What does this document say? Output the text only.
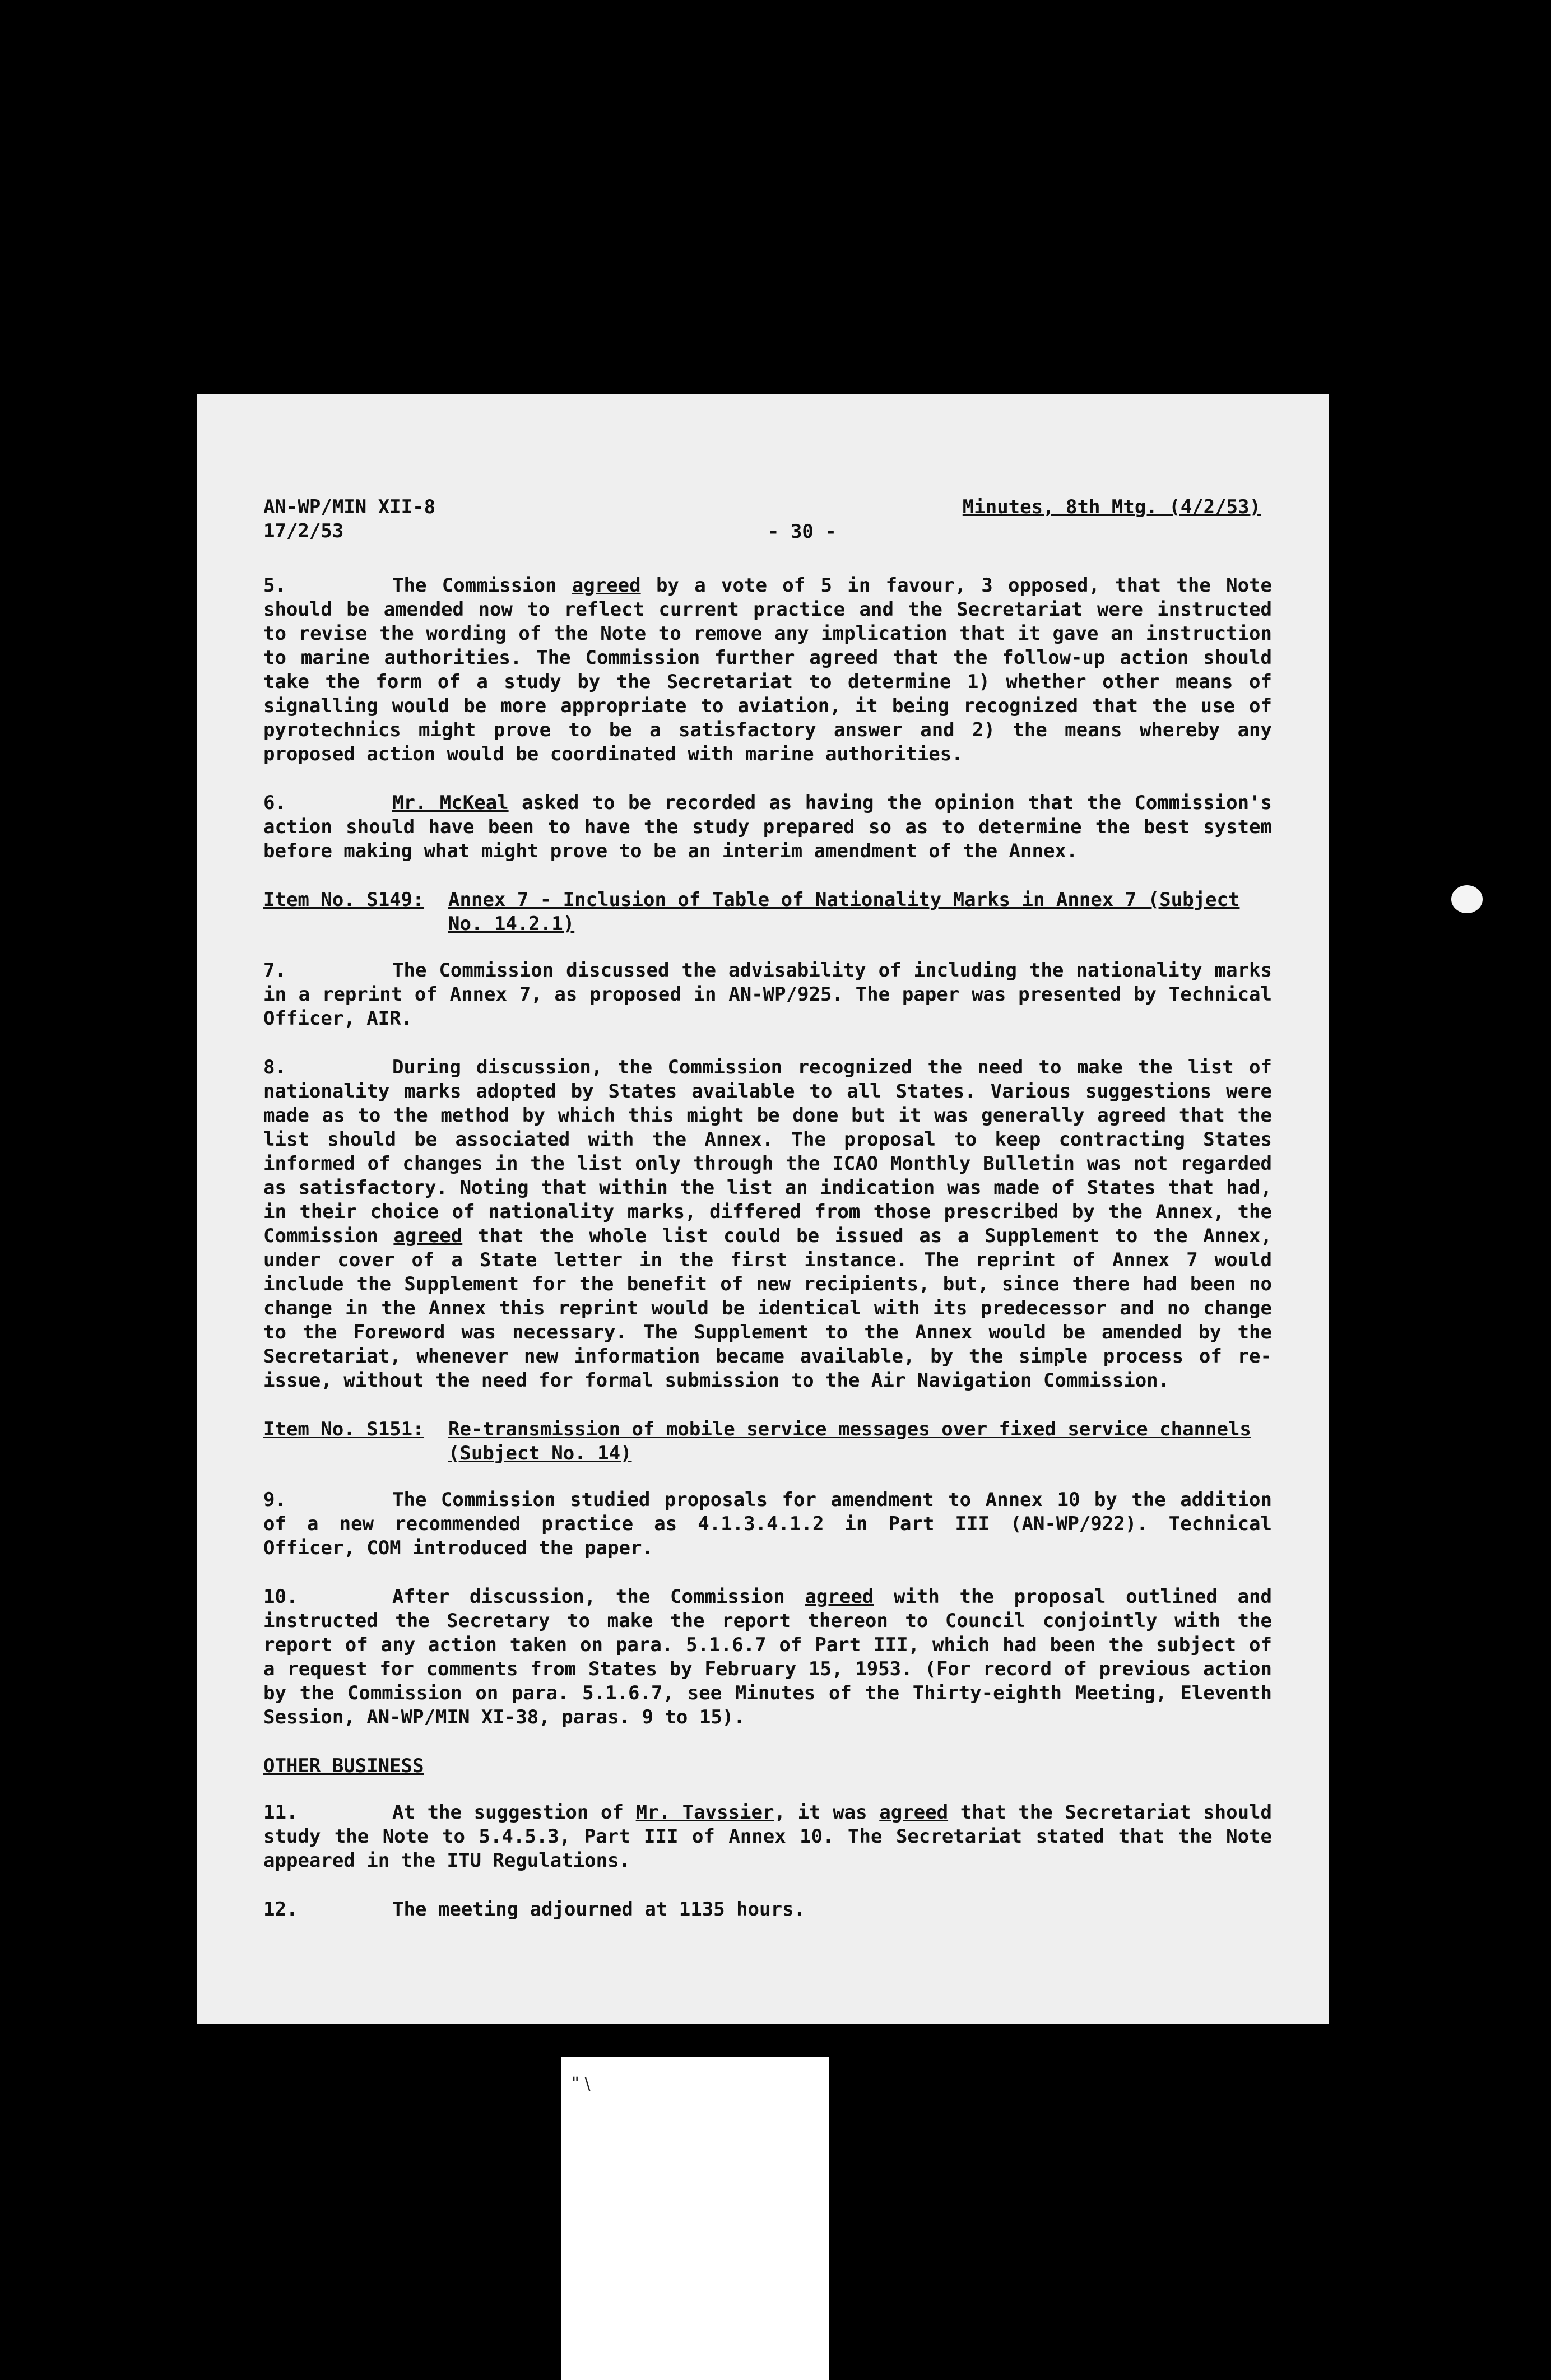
AN-WP/MIN XII-8
17/2/53	- 30 -
Minutes, 8th Mtg. (4/2/53)

5.	The Commission agreed by a vote of 5 in favour, 3 opposed, that the Note should be amended now to reflect current practice and the Secretariat were instructed to revise the wording of the Note to remove any implication that it gave an instruction to marine authorities. The Commission further agreed that the follow-up action should take the form of a study by the Secretariat to determine 1) whether other means of signalling would be more appropriate to aviation, it being recognized that the use of pyrotechnics might prove to be a satisfactory answer and 2) the means whereby any proposed action would be coordinated with marine authorities.

6.	Mr. McKeal asked to be recorded as having the opinion that the Commission's action should have been to have the study prepared so as to determine the best system before making what might prove to be an interim amendment of the Annex.

Item No. S149:	Annex 7 - Inclusion of Table of Nationality Marks in Annex 7 (Subject No. 14.2.1)

7.	The Commission discussed the advisability of including the nationality marks in a reprint of Annex 7, as proposed in AN-WP/925. The paper was presented by Technical Officer, AIR.

8.	During discussion, the Commission recognized the need to make the list of nationality marks adopted by States available to all States. Various suggestions were made as to the method by which this might be done but it was generally agreed that the list should be associated with the Annex. The proposal to keep contracting States informed of changes in the list only through the ICAO Monthly Bulletin was not regarded as satisfactory. Noting that within the list an indication was made of States that had, in their choice of nationality marks, differed from those prescribed by the Annex, the Commission agreed that the whole list could be issued as a Supplement to the Annex, under cover of a State letter in the first instance. The reprint of Annex 7 would include the Supplement for the benefit of new recipients, but, since there had been no change in the Annex this reprint would be identical with its predecessor and no change to the Foreword was necessary. The Supplement to the Annex would be amended by the Secretariat, whenever new information became available, by the simple process of re-issue, without the need for formal submission to the Air Navigation Commission.

Item No. S151:	Re-transmission of mobile service messages over fixed service channels (Subject No. 14)

9.	The Commission studied proposals for amendment to Annex 10 by the addition of a new recommended practice as 4.1.3.4.1.2 in Part III (AN-WP/922). Technical Officer, COM introduced the paper.

10.	After discussion, the Commission agreed with the proposal outlined and instructed the Secretary to make the report thereon to Council conjointly with the report of any action taken on para. 5.1.6.7 of Part III, which had been the subject of a request for comments from States by February 15, 1953. (For record of previous action by the Commission on para. 5.1.6.7, see Minutes of the Thirty-eighth Meeting, Eleventh Session, AN-WP/MIN XI-38, paras. 9 to 15).

OTHER BUSINESS

11.	At the suggestion of Mr. Tavssier, it was agreed that the Secretariat should study the Note to 5.4.5.3, Part III of Annex 10. The Secretariat stated that the Note appeared in the ITU Regulations.

12.	The meeting adjourned at 1135 hours.

" \
